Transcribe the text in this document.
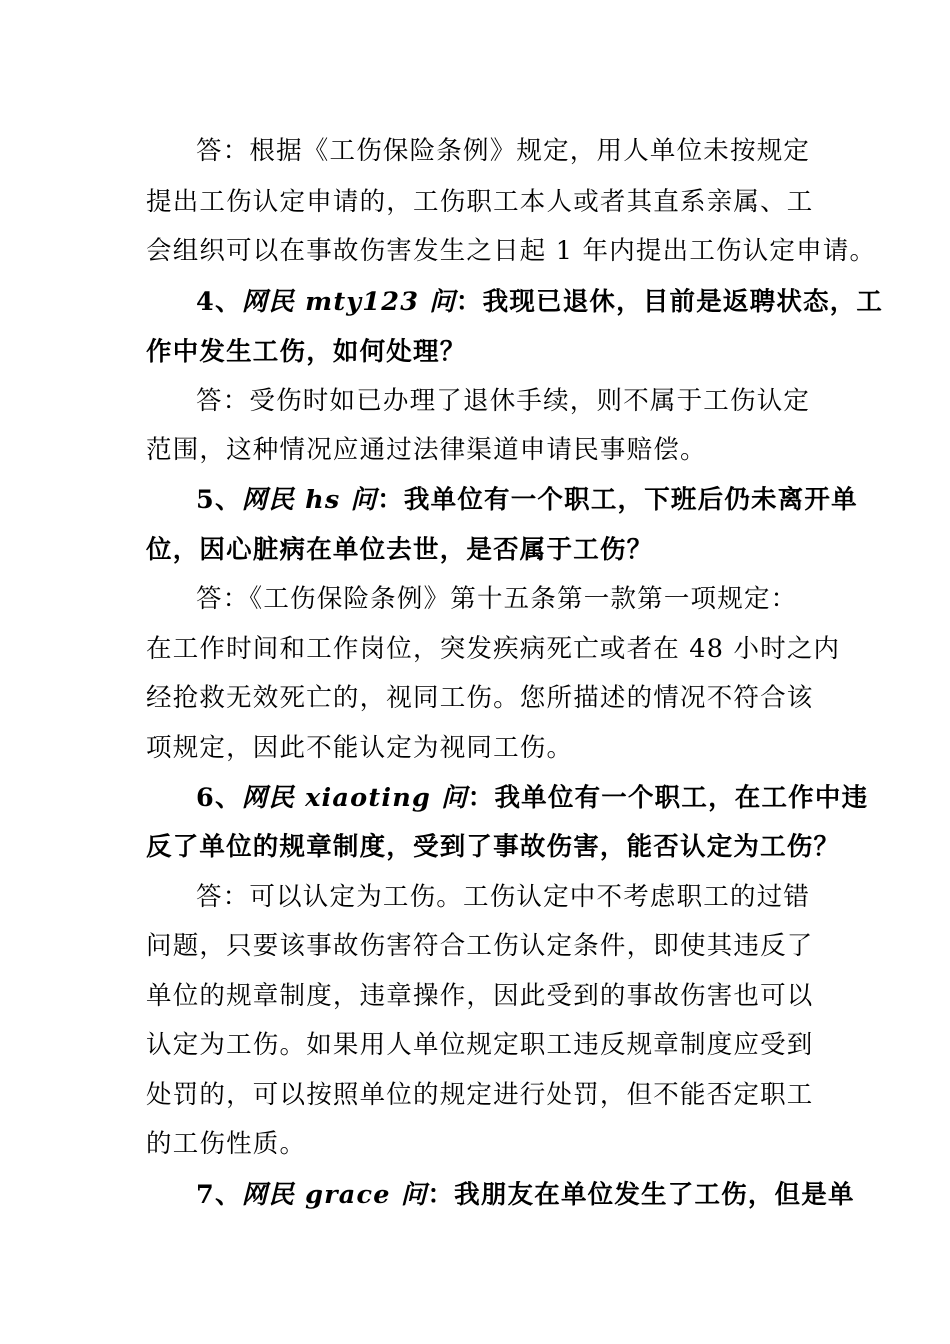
答：根据《工伤保险条例》规定，用人单位未按规定
提出工伤认定申请的，工伤职工本人或者其直系亲属、工
会组织可以在事故伤害发生之日起 1 年内提出工伤认定申请。
4、网民 mty123 问：我现已退休，目前是返聘状态，工
作中发生工伤，如何处理？
答：受伤时如已办理了退休手续，则不属于工伤认定
范围，这种情况应通过法律渠道申请民事赔偿。
5、网民 hs 问：我单位有一个职工，下班后仍未离开单
位，因心脏病在单位去世，是否属于工伤？
答：《工伤保险条例》第十五条第一款第一项规定：
在工作时间和工作岗位，突发疾病死亡或者在 48 小时之内
经抢救无效死亡的，视同工伤。您所描述的情况不符合该
项规定，因此不能认定为视同工伤。
6、网民 xiaoting 问：我单位有一个职工，在工作中违
反了单位的规章制度，受到了事故伤害，能否认定为工伤？
答：可以认定为工伤。工伤认定中不考虑职工的过错
问题，只要该事故伤害符合工伤认定条件，即使其违反了
单位的规章制度，违章操作，因此受到的事故伤害也可以
认定为工伤。如果用人单位规定职工违反规章制度应受到
处罚的，可以按照单位的规定进行处罚，但不能否定职工
的工伤性质。
7、网民 grace 问：我朋友在单位发生了工伤，但是单
